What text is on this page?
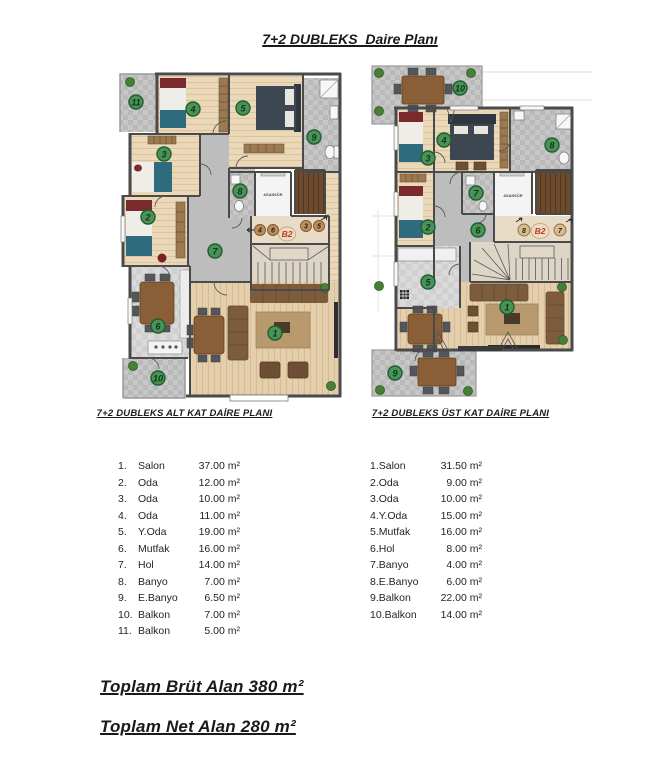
7+2 DUBLEKS  Daire Planı
4 6 B2
3 5
ASANSÖR
1
2
3
4	5
6
7
8
9
10
11
8 B2 7
ASANSÖR
1
2
3
4
5
6
7
8
9
10
7+2 DUBLEKS ALT KAT DAİRE PLANI	7+2 DUBLEKS ÜST KAT DAİRE PLANI
1.	Salon	37.00 m²
2.	Oda	12.00 m²
3.	Oda	10.00 m²
4.	Oda	11.00 m²
5.	Y.Oda	19.00 m²
6.	Mutfak	16.00 m²
7.	Hol	14.00 m²
8.	Banyo	7.00 m²
9.	E.Banyo	6.50 m²
10. Balkon	7.00 m²
11. Balkon	5.00 m²
1.Salon	31.50 m²
2.Oda	9.00 m²
3.Oda	10.00 m²
4.Y.Oda	15.00 m²
5.Mutfak	16.00 m²
6.Hol	8.00 m²
7.Banyo	4.00 m²
8.E.Banyo	6.00 m²
9.Balkon	22.00 m²
10.Balkon	14.00 m²
Toplam Brüt Alan 380 m²
Toplam Net Alan 280 m²
